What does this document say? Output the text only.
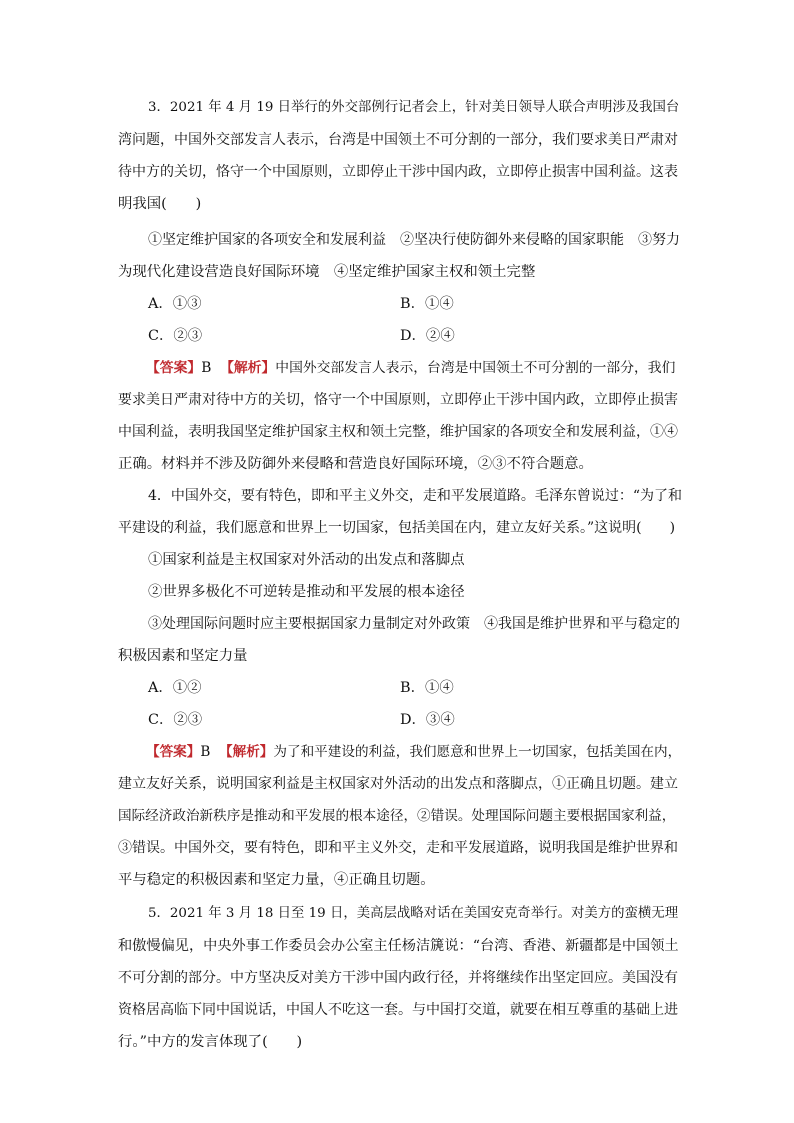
3．2021 年 4 月 19 日举行的外交部例行记者会上，针对美日领导人联合声明涉及我国台
湾问题，中国外交部发言人表示，台湾是中国领土不可分割的一部分，我们要求美日严肃对
待中方的关切，恪守一个中国原则，立即停止干涉中国内政，立即停止损害中国利益。这表
明我国(　　)
①坚定维护国家的各项安全和发展利益　②坚决行使防御外来侵略的国家职能　③努力
为现代化建设营造良好国际环境　④坚定维护国家主权和领土完整
A．①③	B．①④
C．②③	D．②④
【答案】B 【解析】中国外交部发言人表示，台湾是中国领土不可分割的一部分，我们
要求美日严肃对待中方的关切，恪守一个中国原则，立即停止干涉中国内政，立即停止损害
中国利益，表明我国坚定维护国家主权和领土完整，维护国家的各项安全和发展利益，①④
正确。材料并不涉及防御外来侵略和营造良好国际环境，②③不符合题意。
4．中国外交，要有特色，即和平主义外交，走和平发展道路。毛泽东曾说过：“为了和
平建设的利益，我们愿意和世界上一切国家，包括美国在内，建立友好关系。”这说明(　　)
①国家利益是主权国家对外活动的出发点和落脚点
②世界多极化不可逆转是推动和平发展的根本途径
③处理国际问题时应主要根据国家力量制定对外政策　④我国是维护世界和平与稳定的
积极因素和坚定力量
A．①②	B．①④
C．②③	D．③④
【答案】B 【解析】为了和平建设的利益，我们愿意和世界上一切国家，包括美国在内，
建立友好关系，说明国家利益是主权国家对外活动的出发点和落脚点，①正确且切题。建立
国际经济政治新秩序是推动和平发展的根本途径，②错误。处理国际问题主要根据国家利益，
③错误。中国外交，要有特色，即和平主义外交，走和平发展道路，说明我国是维护世界和
平与稳定的积极因素和坚定力量，④正确且切题。
5．2021 年 3 月 18 日至 19 日，美高层战略对话在美国安克奇举行。对美方的蛮横无理
和傲慢偏见，中央外事工作委员会办公室主任杨洁篪说：“台湾、香港、新疆都是中国领土
不可分割的部分。中方坚决反对美方干涉中国内政行径，并将继续作出坚定回应。美国没有
资格居高临下同中国说话，中国人不吃这一套。与中国打交道，就要在相互尊重的基础上进
行。”中方的发言体现了(　　)
